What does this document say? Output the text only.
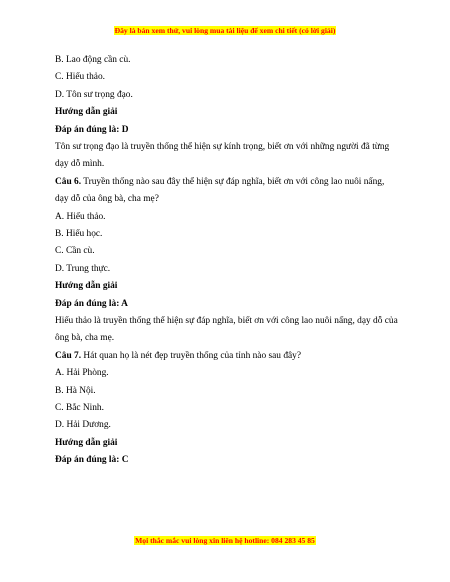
Đây là bản xem thử, vui lòng mua tài liệu để xem chi tiết (có lời giải)
B. Lao động cần cù.
C. Hiếu thảo.
D. Tôn sư trọng đạo.
Hướng dẫn giải
Đáp án đúng là: D
Tôn sư trọng đạo là truyền thống thể hiện sự kính trọng, biết ơn với những người đã từng dạy dỗ mình.
Câu 6. Truyền thống nào sau đây thể hiện sự đáp nghĩa, biết ơn với công lao nuôi nấng, dạy dỗ của ông bà, cha mẹ?
A. Hiếu thảo.
B. Hiếu học.
C. Cần cù.
D. Trung thực.
Hướng dẫn giải
Đáp án đúng là: A
Hiếu thảo là truyền thống thể hiện sự đáp nghĩa, biết ơn với công lao nuôi nấng, dạy dỗ của ông bà, cha mẹ.
Câu 7. Hát quan họ là nét đẹp truyền thống của tỉnh nào sau đây?
A. Hải Phòng.
B. Hà Nội.
C. Bắc Ninh.
D. Hải Dương.
Hướng dẫn giải
Đáp án đúng là: C
Mọi thắc mắc vui lòng xin liên hệ hotline: 084 283 45 85
